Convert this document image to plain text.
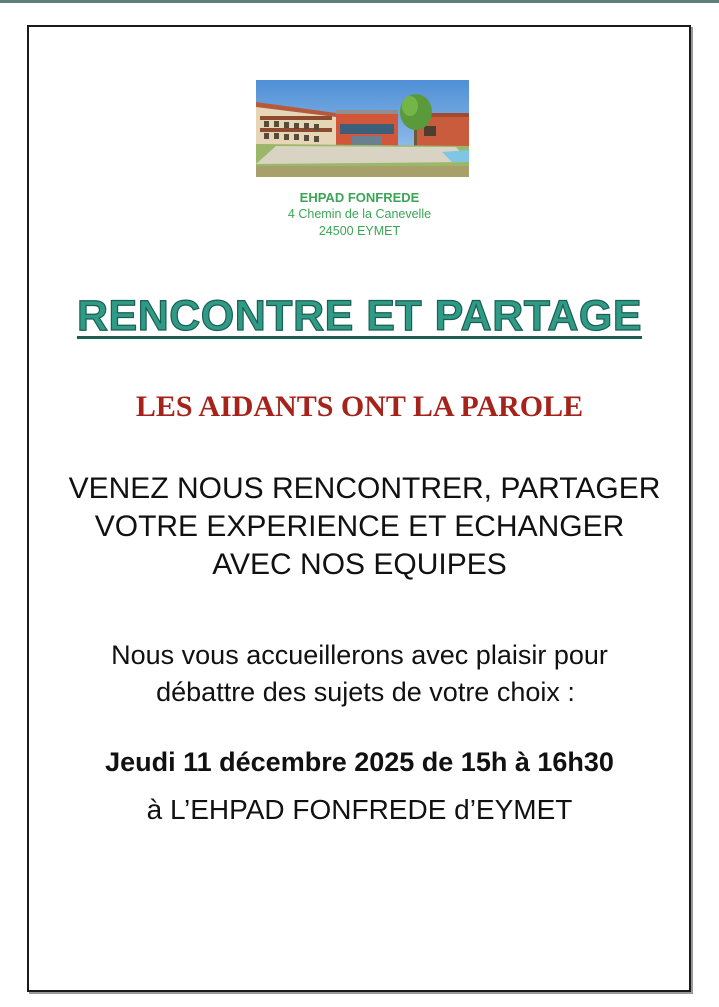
EHPAD FONFREDE
4 Chemin de la Canevelle
24500 EYMET
RENCONTRE ET PARTAGE
LES AIDANTS ONT LA PAROLE
VENEZ NOUS RENCONTRER, PARTAGER
VOTRE EXPERIENCE ET ECHANGER
AVEC NOS EQUIPES
Nous vous accueillerons avec plaisir pour
débattre des sujets de votre choix :
Jeudi 11 décembre 2025 de 15h à 16h30
à L’EHPAD FONFREDE d’EYMET
